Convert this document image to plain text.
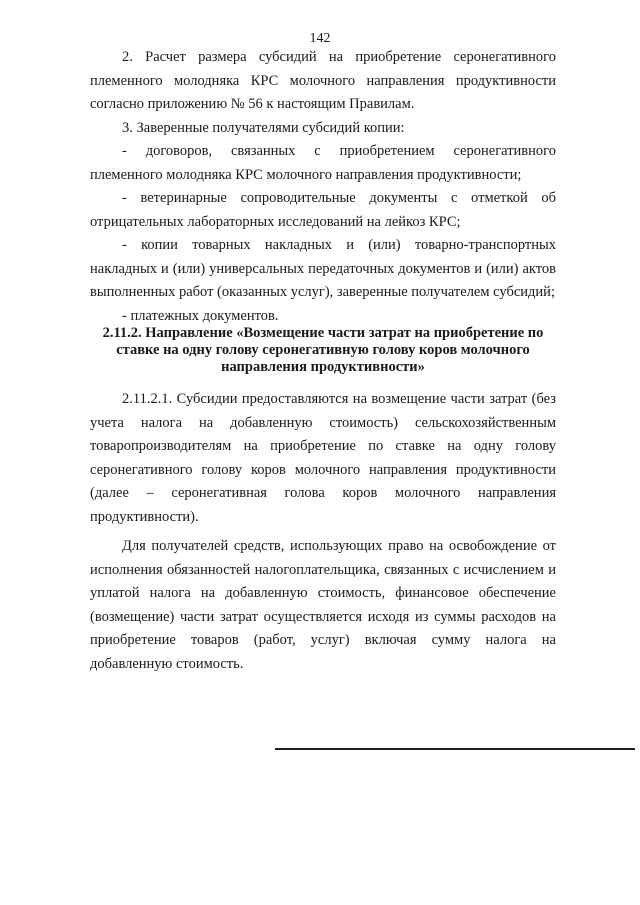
142

2. Расчет размера субсидий на приобретение серонегативного племенного молодняка КРС молочного направления продуктивности согласно приложению № 56 к настоящим Правилам.

3. Заверенные получателями субсидий копии:

- договоров, связанных с приобретением серонегативного племенного молодняка КРС молочного направления продуктивности;

- ветеринарные сопроводительные документы с отметкой об отрицательных лабораторных исследований на лейкоз КРС;

- копии товарных накладных и (или) товарно-транспортных накладных и (или) универсальных передаточных документов и (или) актов выполненных работ (оказанных услуг), заверенные получателем субсидий;

- платежных документов.

2.11.2. Направление «Возмещение части затрат на приобретение по ставке на одну голову серонегативную голову коров молочного направления продуктивности»

2.11.2.1. Субсидии предоставляются на возмещение части затрат (без учета налога на добавленную стоимость) сельскохозяйственным товаропроизводителям на приобретение по ставке на одну голову серонегативного голову коров молочного направления продуктивности (далее – серонегативная голова коров молочного направления продуктивности).

Для получателей средств, использующих право на освобождение от исполнения обязанностей налогоплательщика, связанных с исчислением и уплатой налога на добавленную стоимость, финансовое обеспечение (возмещение) части затрат осуществляется исходя из суммы расходов на приобретение товаров (работ, услуг) включая сумму налога на добавленную стоимость.
